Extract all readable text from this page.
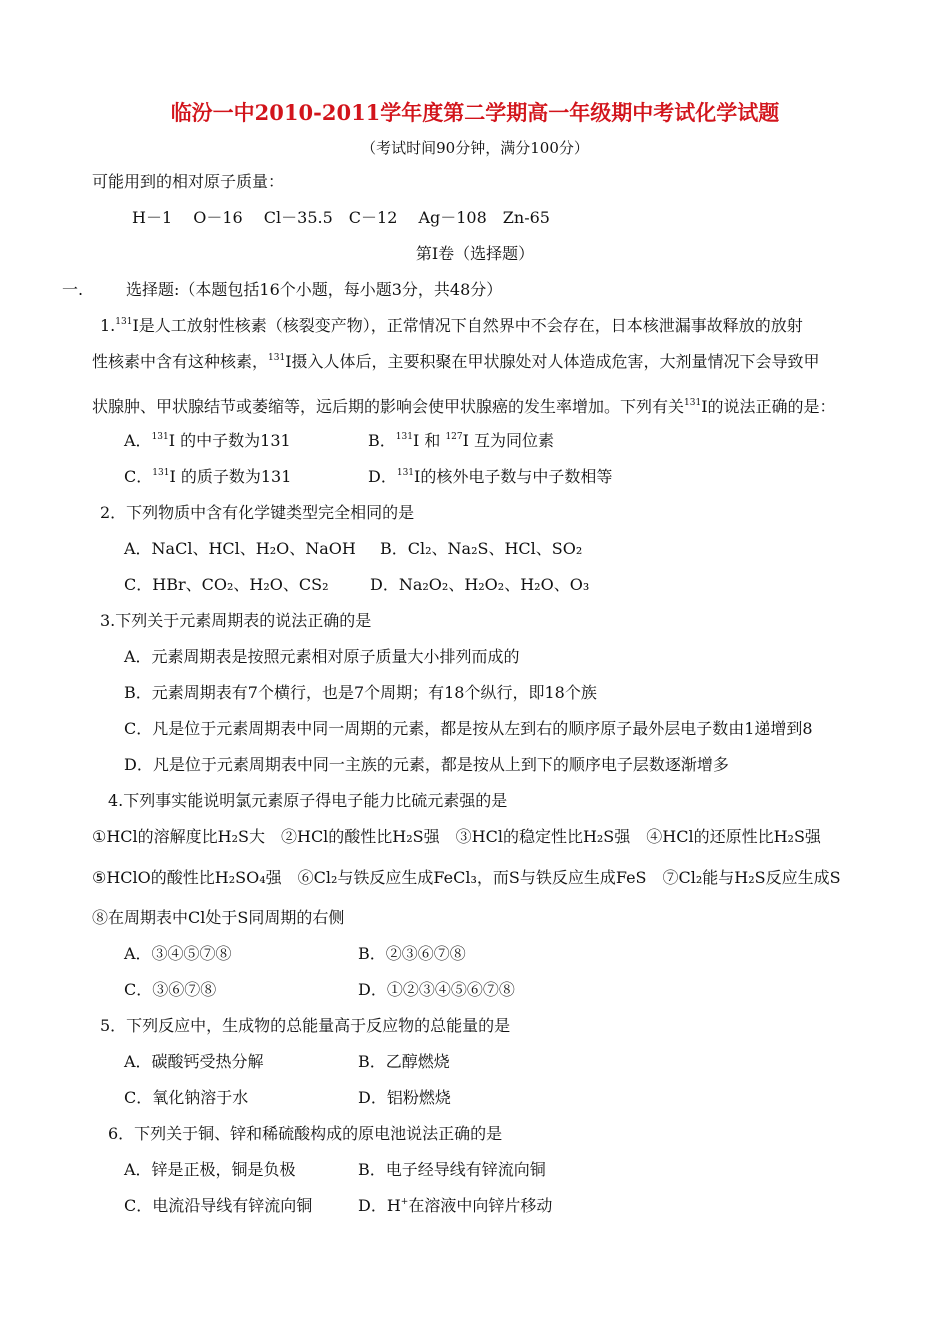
临汾一中2010-2011学年度第二学期高一年级期中考试化学试题
（考试时间90分钟，满分100分）
可能用到的相对原子质量：
H－1　 O－16　 Cl－35.5　C－12　 Ag－108　Zn-65
第Ⅰ卷（选择题）
一.	选择题:（本题包括16个小题，每小题3分，共48分）
1.$^{131}$I是人工放射性核素（核裂变产物），正常情况下自然界中不会存在，日本核泄漏事故释放的放射
性核素中含有这种核素，$^{131}$I摄入人体后，主要积聚在甲状腺处对人体造成危害，大剂量情况下会导致甲
状腺肿、甲状腺结节或萎缩等，远后期的影响会使甲状腺癌的发生率增加。下列有关$^{131}$I的说法正确的是：
A．$^{131}$I 的中子数为131	B．$^{131}$I 和 $^{127}$I 互为同位素
C．$^{131}$I 的质子数为131	D．$^{131}$I的核外电子数与中子数相等
2．下列物质中含有化学键类型完全相同的是
A．NaCl、HCl、H₂O、NaOH B．Cl₂、Na₂S、HCl、SO₂
C．HBr、CO₂、H₂O、CS₂	D．Na₂O₂、H₂O₂、H₂O、O₃
3.下列关于元素周期表的说法正确的是
A．元素周期表是按照元素相对原子质量大小排列而成的
B．元素周期表有7个横行，也是7个周期；有18个纵行，即18个族
C．凡是位于元素周期表中同一周期的元素，都是按从左到右的顺序原子最外层电子数由1递增到8
D．凡是位于元素周期表中同一主族的元素，都是按从上到下的顺序电子层数逐渐增多
4.下列事实能说明氯元素原子得电子能力比硫元素强的是
①HCl的溶解度比H₂S大　②HCl的酸性比H₂S强　③HCl的稳定性比H₂S强　④HCl的还原性比H₂S强
⑤HClO的酸性比H₂SO₄强　⑥Cl₂与铁反应生成FeCl₃，而S与铁反应生成FeS　⑦Cl₂能与H₂S反应生成S
⑧在周期表中Cl处于S同周期的右侧
A．③④⑤⑦⑧	B．②③⑥⑦⑧
C．③⑥⑦⑧	D．①②③④⑤⑥⑦⑧
5．下列反应中，生成物的总能量高于反应物的总能量的是
A．碳酸钙受热分解	B．乙醇燃烧
C．氧化钠溶于水	D．铝粉燃烧
6．下列关于铜、锌和稀硫酸构成的原电池说法正确的是
A．锌是正极，铜是负极	B．电子经导线有锌流向铜
C．电流沿导线有锌流向铜	D．H+在溶液中向锌片移动
